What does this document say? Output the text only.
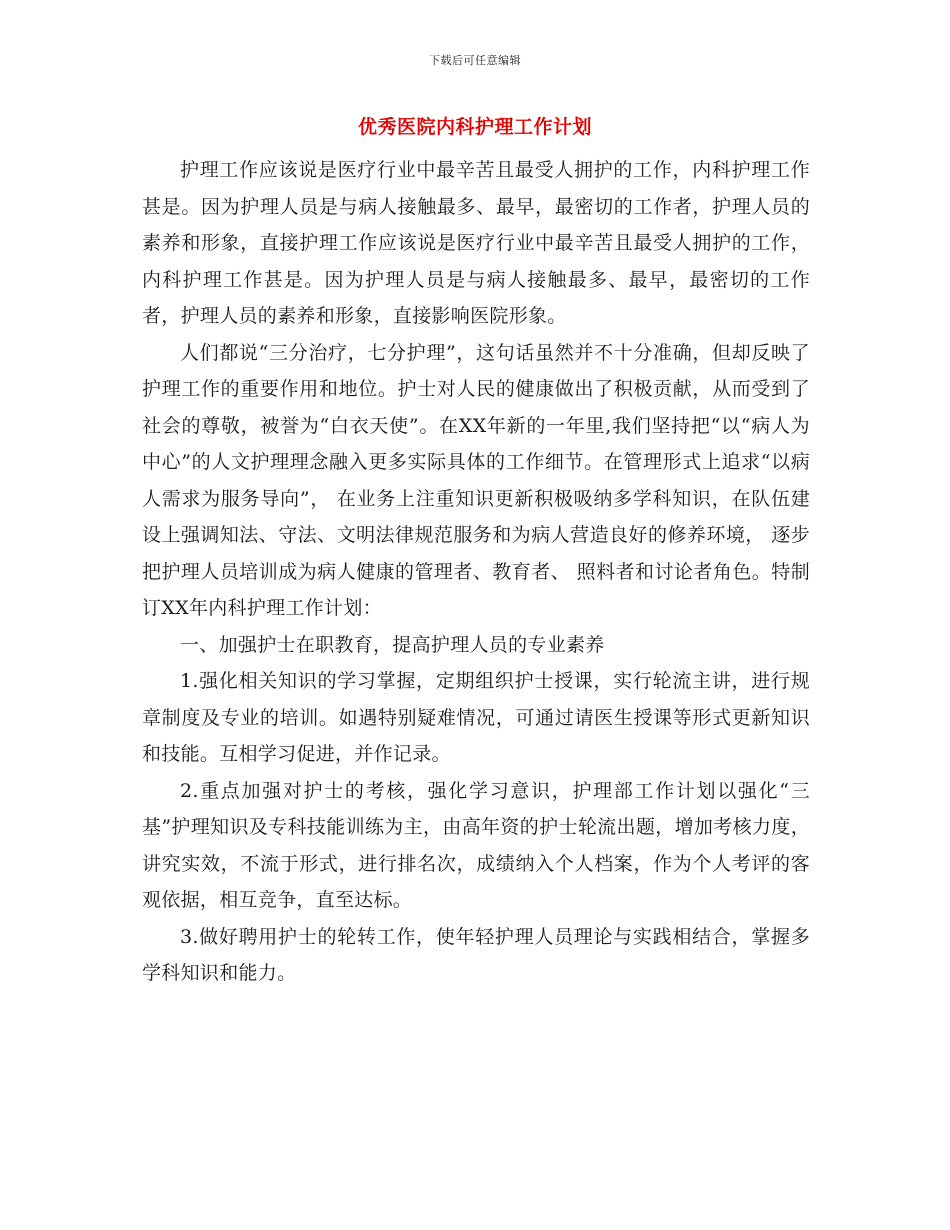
下载后可任意编辑
优秀医院内科护理工作计划

护理工作应该说是医疗行业中最辛苦且最受人拥护的工作，内科护理工作甚是。因为护理人员是与病人接触最多、最早，最密切的工作者，护理人员的素养和形象，直接护理工作应该说是医疗行业中最辛苦且最受人拥护的工作，内科护理工作甚是。因为护理人员是与病人接触最多、最早，最密切的工作者，护理人员的素养和形象，直接影响医院形象。

人们都说“三分治疗，七分护理”，这句话虽然并不十分准确，但却反映了护理工作的重要作用和地位。护士对人民的健康做出了积极贡献，从而受到了社会的尊敬，被誉为“白衣天使”。在XX年新的一年里,我们坚持把“以“病人为中心”的人文护理理念融入更多实际具体的工作细节。在管理形式上追求“以病人需求为服务导向”， 在业务上注重知识更新积极吸纳多学科知识，在队伍建设上强调知法、守法、文明法律规范服务和为病人营造良好的修养环境， 逐步把护理人员培训成为病人健康的管理者、教育者、 照料者和讨论者角色。特制订XX年内科护理工作计划：

一、加强护士在职教育，提高护理人员的专业素养

1.强化相关知识的学习掌握，定期组织护士授课，实行轮流主讲，进行规章制度及专业的培训。如遇特别疑难情况，可通过请医生授课等形式更新知识和技能。互相学习促进，并作记录。

2.重点加强对护士的考核，强化学习意识，护理部工作计划以强化“三基”护理知识及专科技能训练为主，由高年资的护士轮流出题，增加考核力度，讲究实效，不流于形式，进行排名次，成绩纳入个人档案，作为个人考评的客观依据，相互竞争，直至达标。

3.做好聘用护士的轮转工作，使年轻护理人员理论与实践相结合，掌握多学科知识和能力。
